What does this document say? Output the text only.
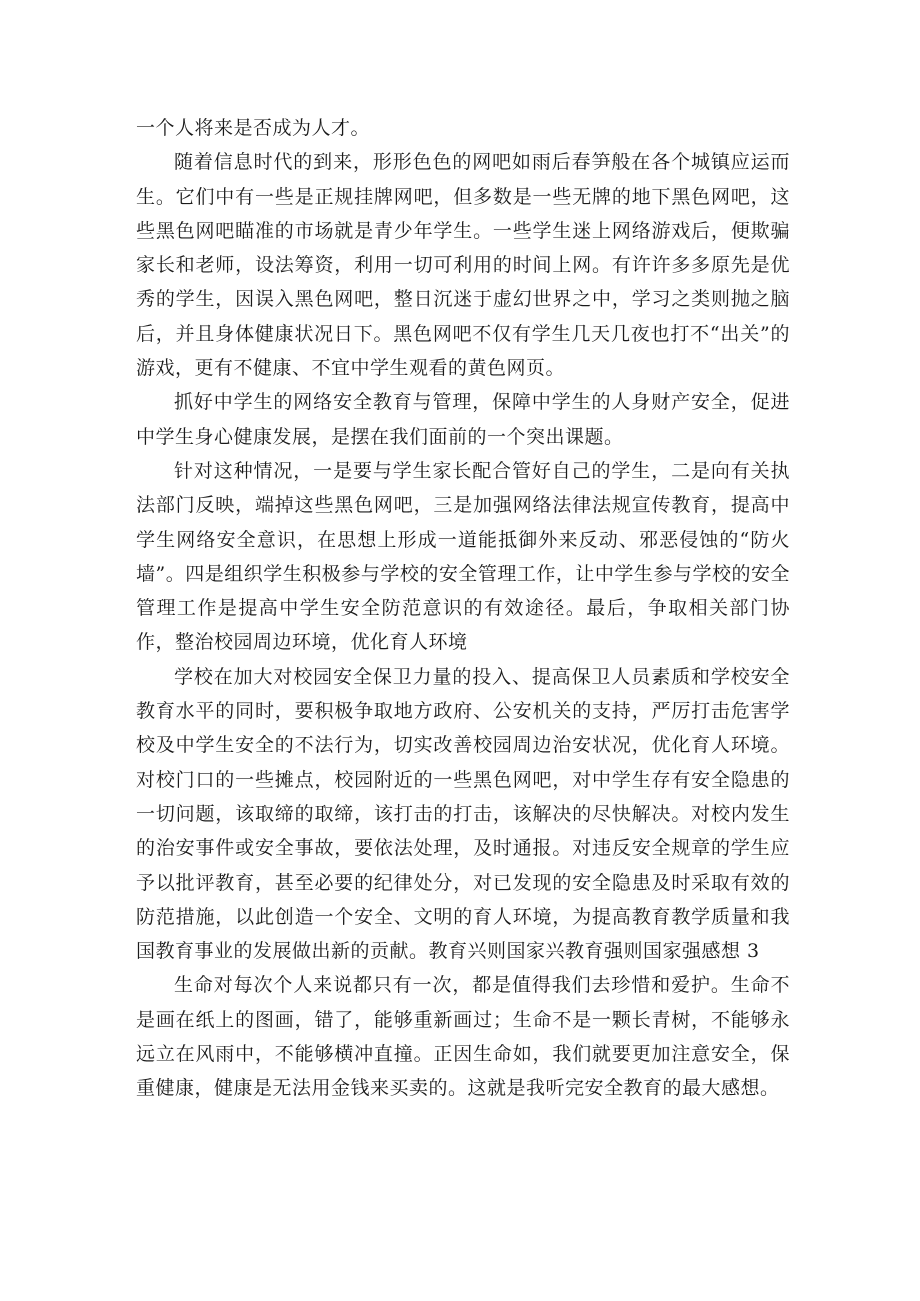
一个人将来是否成为人才。

随着信息时代的到来，形形色色的网吧如雨后春笋般在各个城镇应运而生。它们中有一些是正规挂牌网吧，但多数是一些无牌的地下黑色网吧，这些黑色网吧瞄准的市场就是青少年学生。一些学生迷上网络游戏后，便欺骗家长和老师，设法筹资，利用一切可利用的时间上网。有许许多多原先是优秀的学生，因误入黑色网吧，整日沉迷于虚幻世界之中，学习之类则抛之脑后，并且身体健康状况日下。黑色网吧不仅有学生几天几夜也打不“出关”的游戏，更有不健康、不宜中学生观看的黄色网页。

抓好中学生的网络安全教育与管理，保障中学生的人身财产安全，促进中学生身心健康发展，是摆在我们面前的一个突出课题。

针对这种情况，一是要与学生家长配合管好自己的学生，二是向有关执法部门反映，端掉这些黑色网吧，三是加强网络法律法规宣传教育，提高中学生网络安全意识，在思想上形成一道能抵御外来反动、邪恶侵蚀的“防火墙”。四是组织学生积极参与学校的安全管理工作，让中学生参与学校的安全管理工作是提高中学生安全防范意识的有效途径。最后，争取相关部门协作，整治校园周边环境，优化育人环境

学校在加大对校园安全保卫力量的投入、提高保卫人员素质和学校安全教育水平的同时，要积极争取地方政府、公安机关的支持，严厉打击危害学校及中学生安全的不法行为，切实改善校园周边治安状况，优化育人环境。对校门口的一些摊点，校园附近的一些黑色网吧，对中学生存有安全隐患的一切问题，该取缔的取缔，该打击的打击，该解决的尽快解决。对校内发生的治安事件或安全事故，要依法处理，及时通报。对违反安全规章的学生应予以批评教育，甚至必要的纪律处分，对已发现的安全隐患及时采取有效的防范措施，以此创造一个安全、文明的育人环境，为提高教育教学质量和我国教育事业的发展做出新的贡献。教育兴则国家兴教育强则国家强感想 3

生命对每次个人来说都只有一次，都是值得我们去珍惜和爱护。生命不是画在纸上的图画，错了，能够重新画过；生命不是一颗长青树，不能够永远立在风雨中，不能够横冲直撞。正因生命如，我们就要更加注意安全，保重健康，健康是无法用金钱来买卖的。这就是我听完安全教育的最大感想。
